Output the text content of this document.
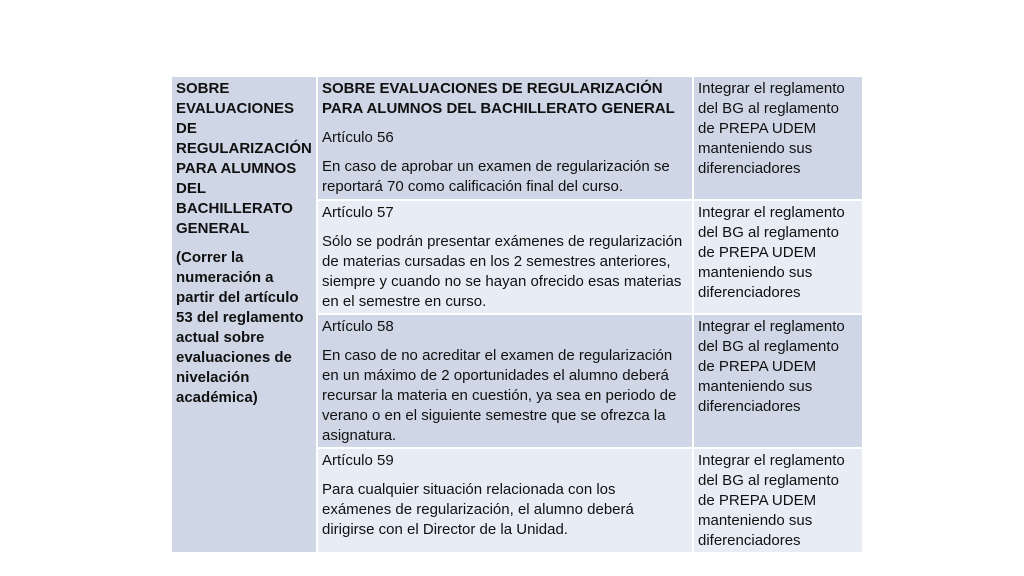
SOBRE EVALUACIONES DE REGULARIZACIÓN PARA ALUMNOS DEL BACHILLERATO GENERAL
(Correr la numeración a partir del artículo 53 del reglamento actual sobre evaluaciones de nivelación académica)	SOBRE EVALUACIONES DE REGULARIZACIÓN PARA ALUMNOS DEL BACHILLERATO GENERAL
Artículo 56
En caso de aprobar un examen de regularización se reportará 70 como calificación final del curso.	Integrar el reglamento del BG al reglamento de PREPA UDEM manteniendo sus diferenciadores

	Artículo 57
Sólo se podrán presentar exámenes de regularización de materias cursadas en los 2 semestres anteriores, siempre y cuando no se hayan ofrecido esas materias en el semestre en curso.	Integrar el reglamento del BG al reglamento de PREPA UDEM manteniendo sus diferenciadores

	Artículo 58
En caso de no acreditar el examen de regularización en un máximo de 2 oportunidades el alumno deberá recursar la materia en cuestión, ya sea en periodo de verano o en el siguiente semestre que se ofrezca la asignatura.	Integrar el reglamento del BG al reglamento de PREPA UDEM manteniendo sus diferenciadores

	Artículo 59
Para cualquier situación relacionada con los exámenes de regularización, el alumno deberá dirigirse con el Director de la Unidad.	Integrar el reglamento del BG al reglamento de PREPA UDEM manteniendo sus diferenciadores
